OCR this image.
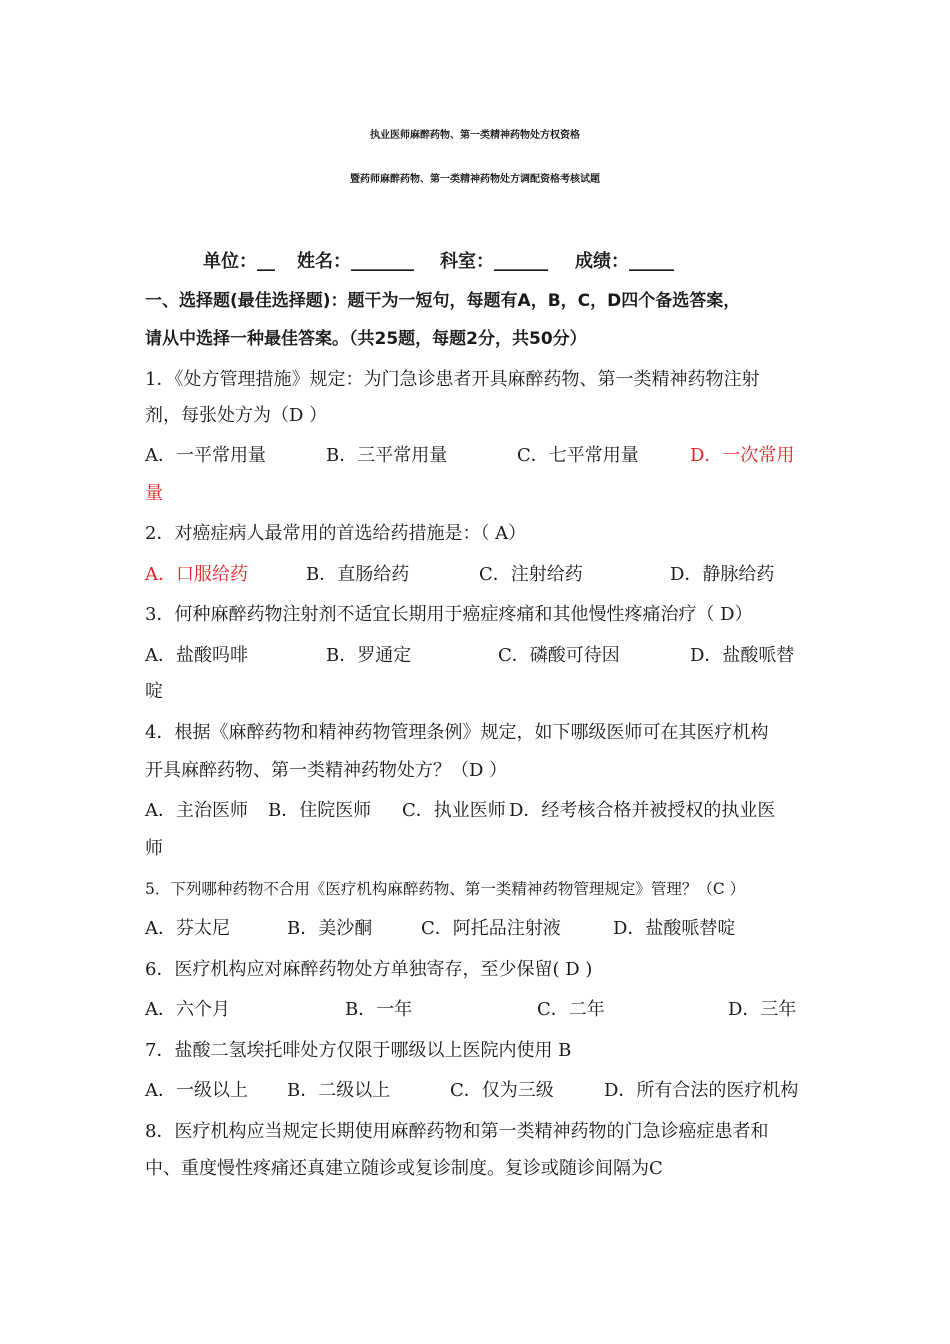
执业医师麻醉药物、第一类精神药物处方权资格
暨药师麻醉药物、第一类精神药物处方调配资格考核试题
单位：__ 姓名：_______ 科室：______ 成绩：_____
一、选择题(最佳选择题)：题干为一短句，每题有A，B，C，D四个备选答案，
请从中选择一种最佳答案。（共25题，每题2分，共50分）
1．《处方管理措施》规定：为门急诊患者开具麻醉药物、第一类精神药物注射
剂，每张处方为（D ）
A．一平常用量	B．三平常用量	C．七平常用量	D．一次常用
量
2．对癌症病人最常用的首选给药措施是：（ A）
A．口服给药	B．直肠给药	C．注射给药	D．静脉给药
3．何种麻醉药物注射剂不适宜长期用于癌症疼痛和其他慢性疼痛治疗（ D）
A．盐酸吗啡	B．罗通定	C．磷酸可待因	D．盐酸哌替
啶
4．根据《麻醉药物和精神药物管理条例》规定，如下哪级医师可在其医疗机构
开具麻醉药物、第一类精神药物处方？（D ）
A．主治医师 B．住院医师 C．执业医师 D．经考核合格并被授权的执业医
师
5．下列哪种药物不合用《医疗机构麻醉药物、第一类精神药物管理规定》管理？（C ）
A．芬太尼	B．美沙酮	C．阿托品注射液	D．盐酸哌替啶
6．医疗机构应对麻醉药物处方单独寄存，至少保留( D )
A．六个月	B．一年	C．二年	D．三年
7．盐酸二氢埃托啡处方仅限于哪级以上医院内使用 B
A．一级以上 B．二级以上	C．仅为三级	D．所有合法的医疗机构
8．医疗机构应当规定长期使用麻醉药物和第一类精神药物的门急诊癌症患者和
中、重度慢性疼痛还真建立随诊或复诊制度。复诊或随诊间隔为C
